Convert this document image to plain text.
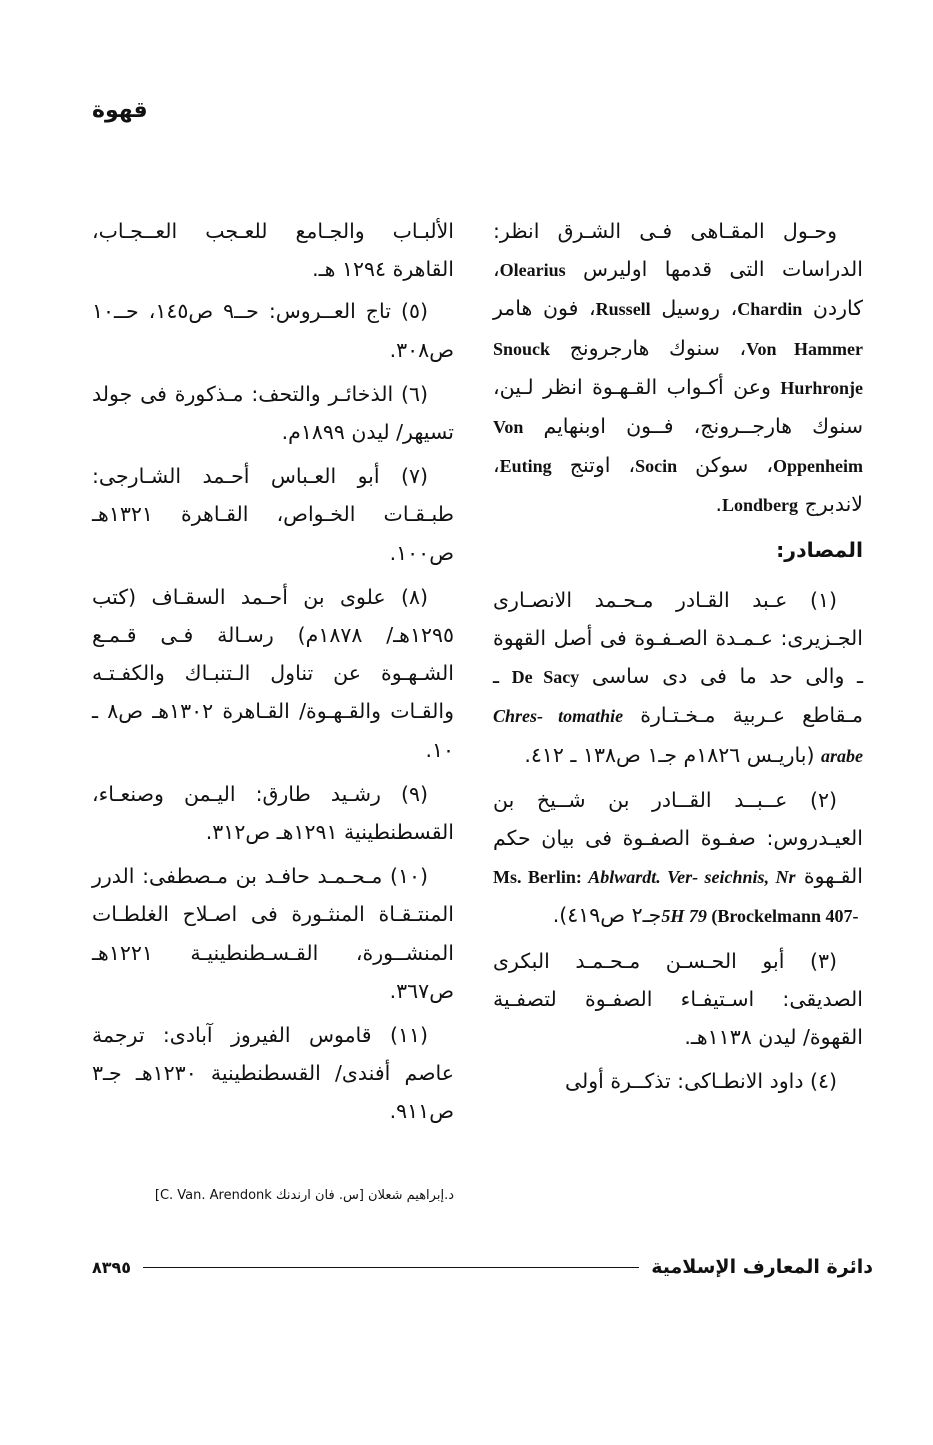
قهوة

وحـول المقـاهى فـى الشـرق انظر: الدراسات التى قدمها اوليرس Olearius، كاردن Chardin، روسيل Russell، فون هامر Von Hammer، سنوك هارجرونج Snouck Hurhronje وعن أكـواب القـهـوة انظر لـين، سنوك هارجــرونج، فــون اوبنهايم Von Oppenheim، سوكن Socin، اوتنج Euting، لاندبرج Londberg.

المصادر:

(١) عـبد القـادر مـحـمد الانصـارى الجـزيرى: عـمـدة الصـفـوة فى أصل القهوة ـ والى حد ما فى دى ساسى De Sacy ـ مـقاطع عـربية مـخـتـارة Chres- tomathie arabe (باريـس ١٨٢٦م جـ١ ص١٣٨ ـ ٤١٢.

(٢) عــبــد القــادر بن شــيخ بن العيـدروس: صفـوة الصفـوة فى بيان حكم القـهوة Ms. Berlin: Ablwardt. Ver- seichnis, Nr 5H 79 (Brockelmann 407- جـ٢ ص٤١٩).

(٣) أبو الحـسـن مـحـمـد البكرى الصديقى: اسـتيفـاء الصفـوة لتصفـية القهوة/ ليدن ١١٣٨هـ.

(٤) داود الانطـاكى: تذكــرة أولى

الألبـاب والجـامع للعـجب العــجـاب، القاهرة ١٢٩٤ هـ.

(٥) تاج العــروس: حــ٩ ص١٤٥، حــ١٠ ص٣٠٨.

(٦) الذخائـر والتحف: مـذكورة فى جولد تسيهر/ ليدن ١٨٩٩م.

(٧) أبو العـباس أحـمد الشـارجى: طبـقـات الخـواص، القـاهرة ١٣٢١هـ ص١٠٠.

(٨) علوى بن أحـمد السقـاف (كتب ١٢٩٥هـ/ ١٨٧٨م) رسـالة فـى قـمـع الشـهـوة عن تناول الـتنبـاك والكفـتـه والقـات والقـهـوة/ القـاهرة ١٣٠٢هـ ص٨ ـ ١٠.

(٩) رشـيد طارق: اليـمن وصنعـاء، القسطنطينية ١٢٩١هـ ص٣١٢.

(١٠) مـحـمـد حافـد بن مـصطفى: الدرر المنتـقـاة المنثـورة فى اصـلاح الغلطـات المنشــورة، القـسـطنطينيـة ١٢٢١هـ ص٣٦٧.

(١١) قاموس الفيروز آبادى: ترجمة عاصم أفندى/ القسطنطينية ١٢٣٠هـ جـ٣ ص٩١١.

د.إبراهيم شعلان [س. فان ارندنك C. Van. Arendonk]
٨٣٩٥	دائرة المعارف الإسلامية
